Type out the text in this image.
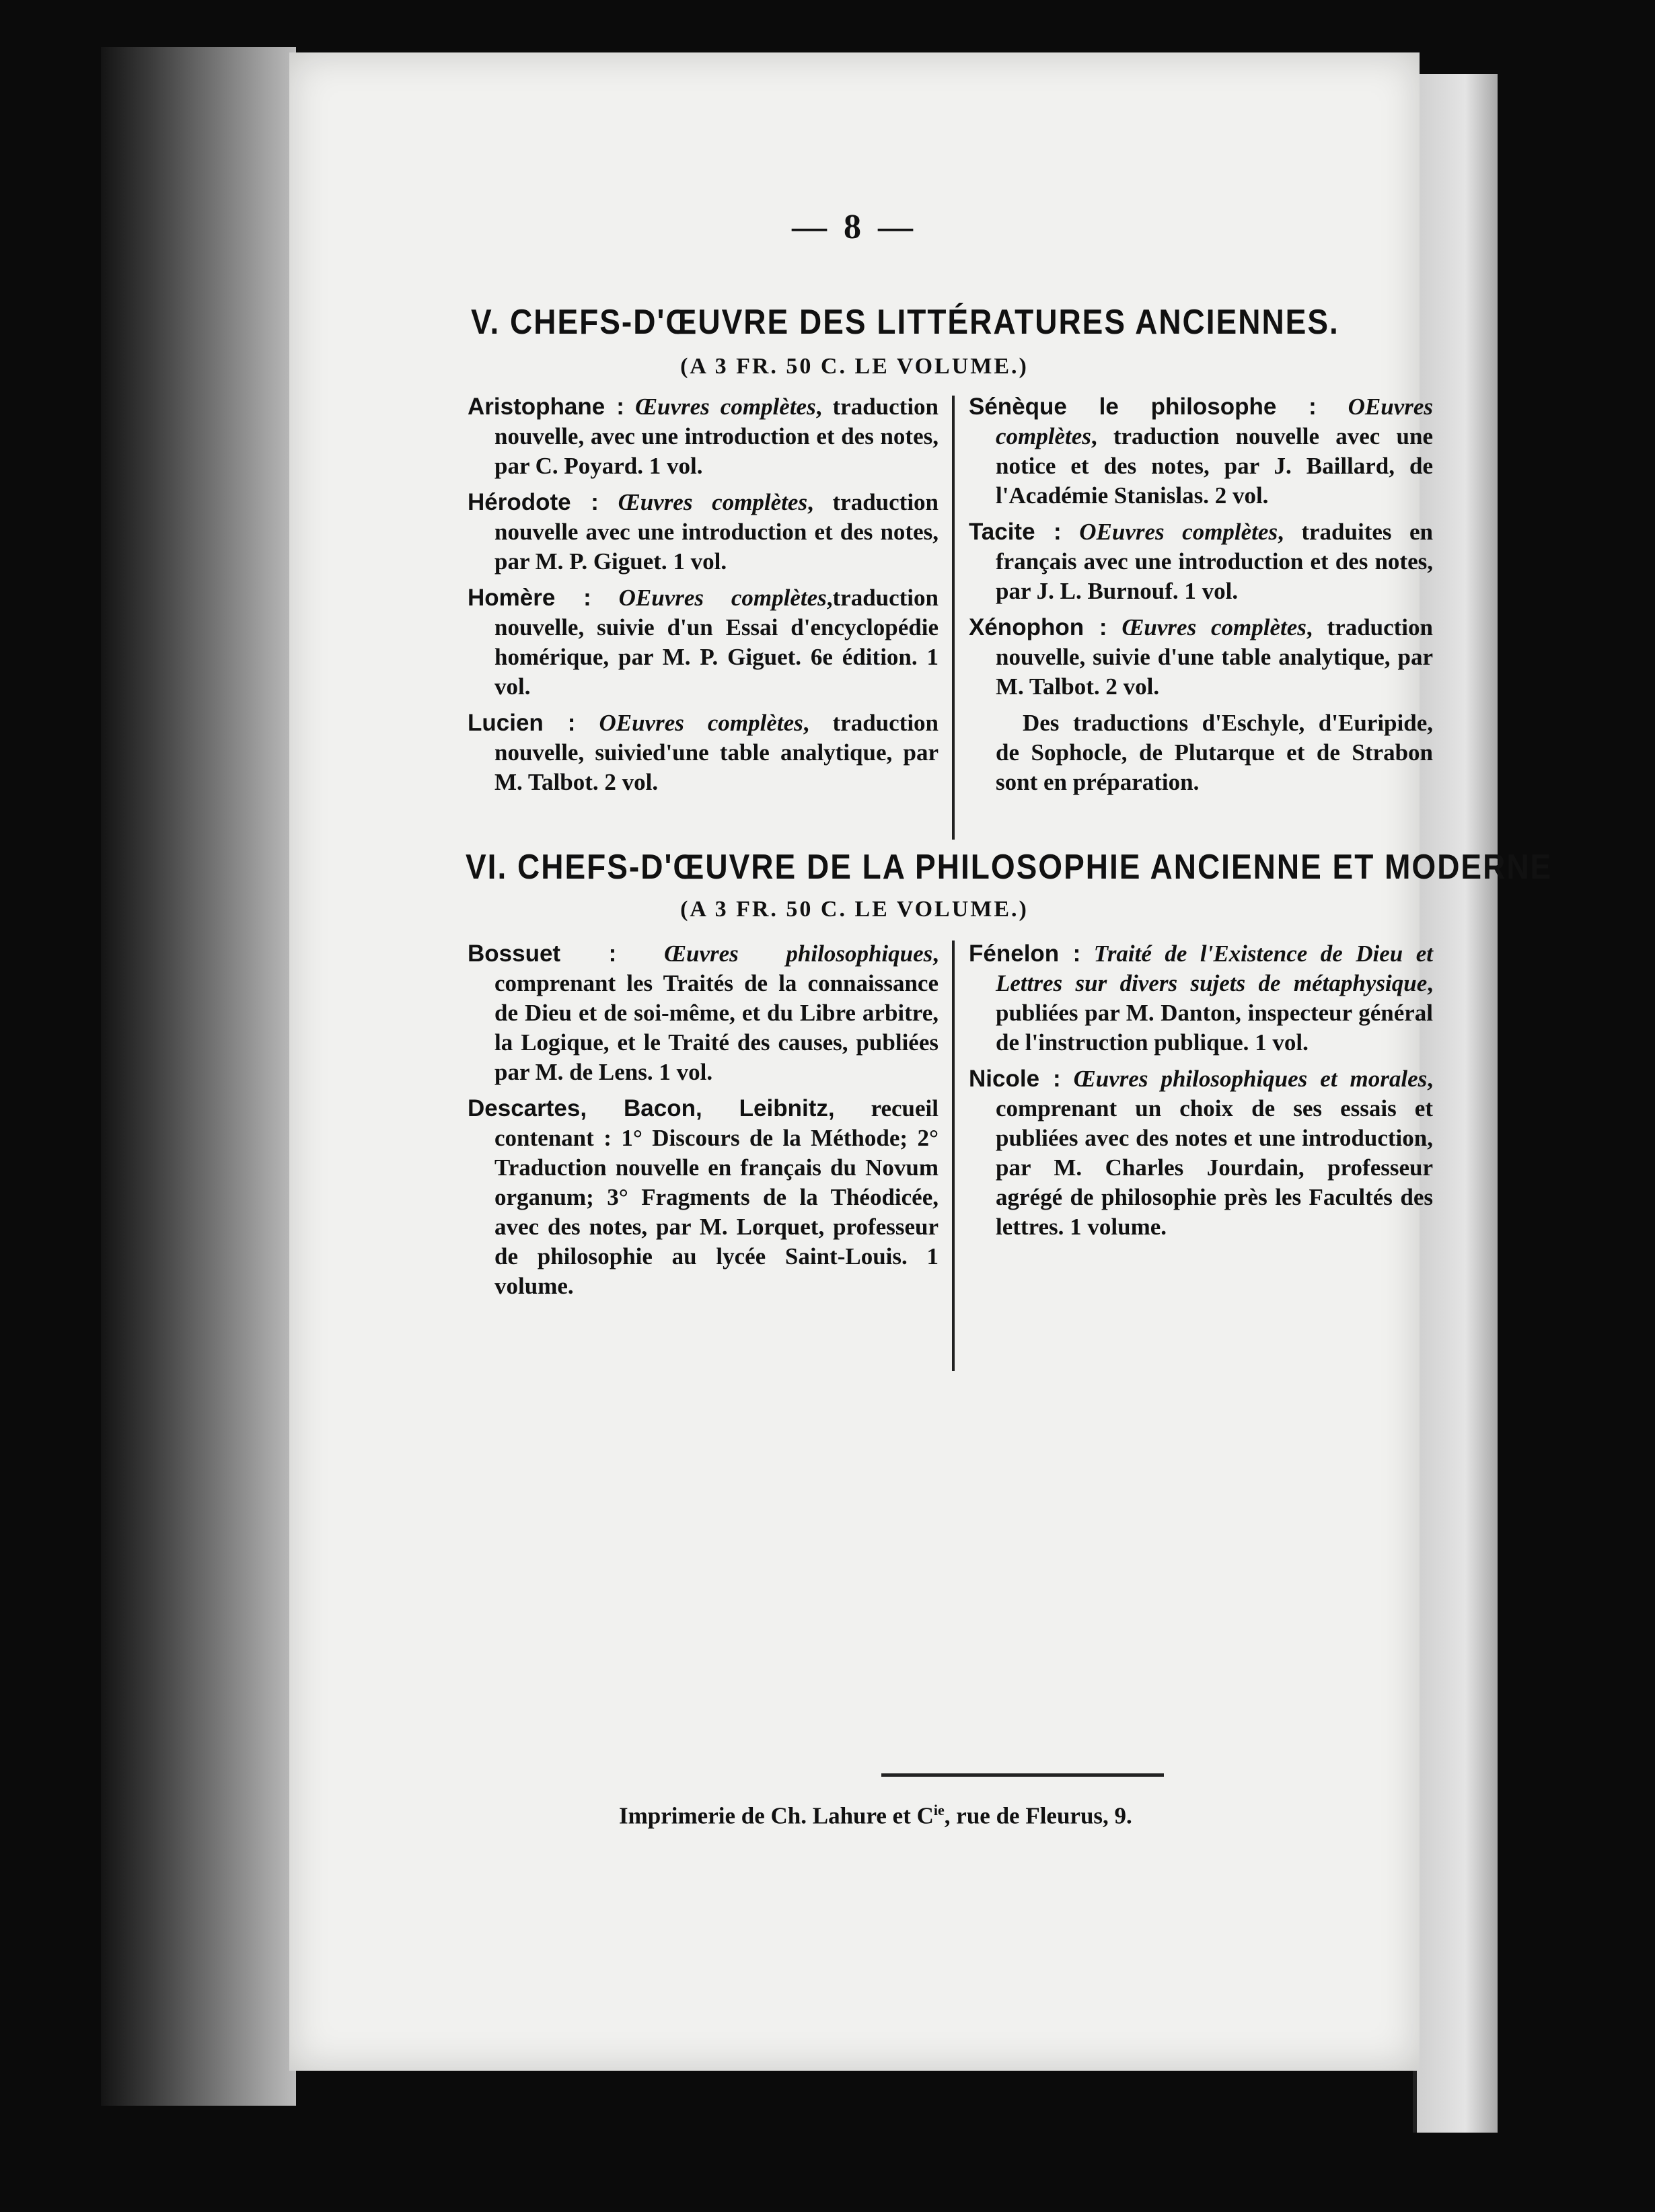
— 8 —
V. CHEFS-D'ŒUVRE DES LITTÉRATURES ANCIENNES.
(A 3 FR. 50 C. LE VOLUME.)
Aristophane : Œuvres complètes, traduction nouvelle, avec une introduction et des notes, par C. Poyard. 1 vol.
Hérodote : Œuvres complètes, traduction nouvelle avec une introduction et des notes, par M. P. Giguet. 1 vol.
Homère : OEuvres complètes,traduction nouvelle, suivie d'un Essai d'encyclopédie homérique, par M. P. Giguet. 6e édition. 1 vol.
Lucien : OEuvres complètes, traduction nouvelle, suivied'une table analytique, par M. Talbot. 2 vol.
Sénèque le philosophe : OEuvres complètes, traduction nouvelle avec une notice et des notes, par J. Baillard, de l'Académie Stanislas. 2 vol.
Tacite : OEuvres complètes, traduites en français avec une introduction et des notes, par J. L. Burnouf. 1 vol.
Xénophon : Œuvres complètes, traduction nouvelle, suivie d'une table analytique, par M. Talbot. 2 vol.
Des traductions d'Eschyle, d'Euripide, de Sophocle, de Plutarque et de Strabon sont en préparation.
VI. CHEFS-D'ŒUVRE DE LA PHILOSOPHIE ANCIENNE ET MODERNE
(A 3 FR. 50 C. LE VOLUME.)
Bossuet : Œuvres philosophiques, comprenant les Traités de la connaissance de Dieu et de soi-même, et du Libre arbitre, la Logique, et le Traité des causes, publiées par M. de Lens. 1 vol.
Descartes, Bacon, Leibnitz, recueil contenant : 1° Discours de la Méthode; 2° Traduction nouvelle en français du Novum organum; 3° Fragments de la Théodicée, avec des notes, par M. Lorquet, professeur de philosophie au lycée Saint-Louis. 1 volume.
Fénelon : Traité de l'Existence de Dieu et Lettres sur divers sujets de métaphysique, publiées par M. Danton, inspecteur général de l'instruction publique. 1 vol.
Nicole : Œuvres philosophiques et morales, comprenant un choix de ses essais et publiées avec des notes et une introduction, par M. Charles Jourdain, professeur agrégé de philosophie près les Facultés des lettres. 1 volume.
Imprimerie de Ch. Lahure et $C^{ie}$, rue de Fleurus, 9.
